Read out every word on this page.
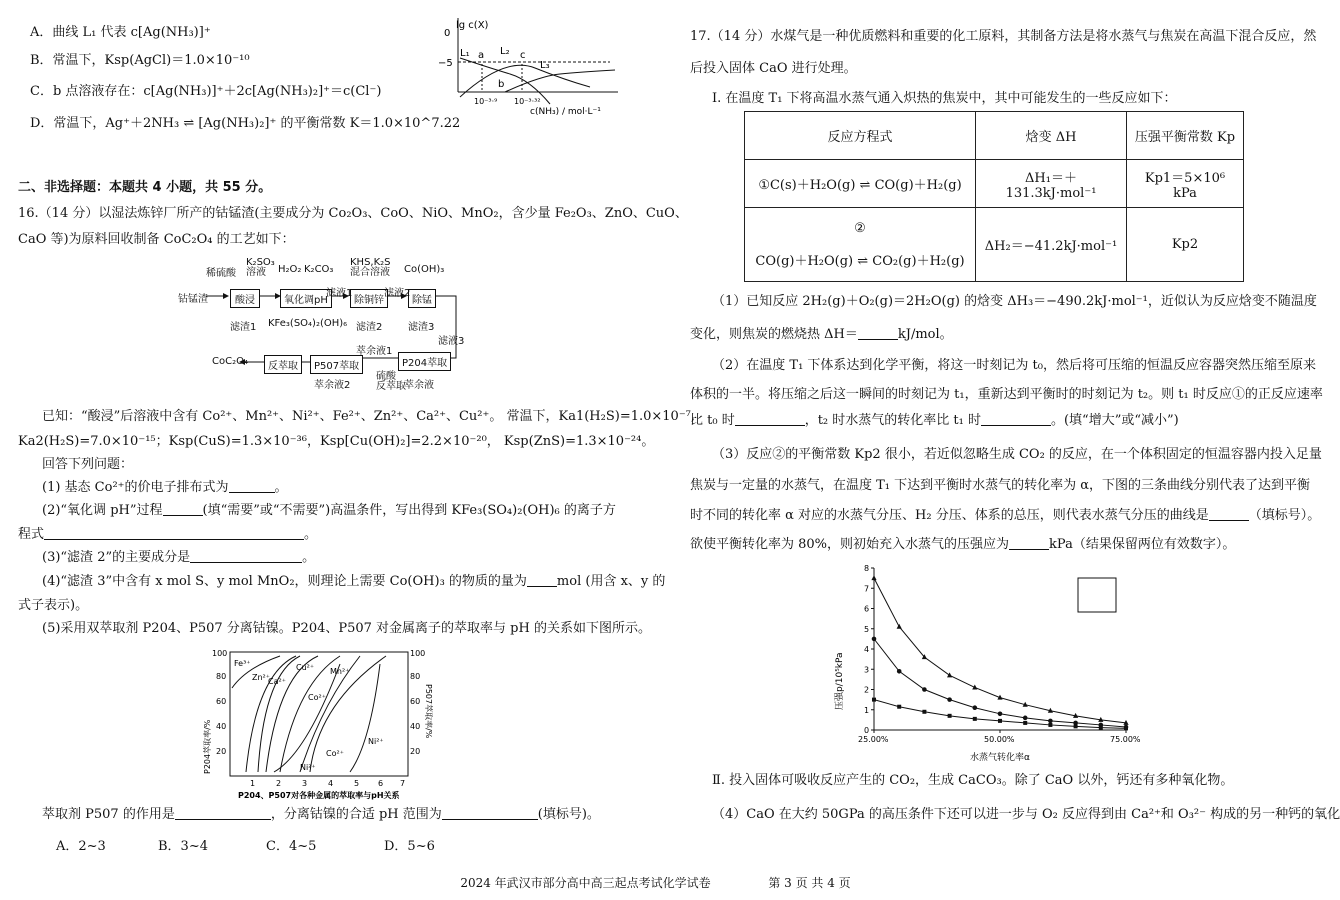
A．曲线 L₁ 代表 c[Ag(NH₃)]⁺
B．常温下，Ksp(AgCl)＝1.0×10⁻¹⁰
C．b 点溶液存在：c[Ag(NH₃)]⁺＋2c[Ag(NH₃)₂]⁺＝c(Cl⁻)
D．常温下，Ag⁺＋2NH₃ ⇌ [Ag(NH₃)₂]⁺ 的平衡常数 K＝1.0×10^7.22
lg c(X)
0
−5
L₁	L₂
L₃
a
b
c
10⁻³·⁹ 10⁻³·³²
c(NH₃) / mol·L⁻¹
二、非选择题：本题共 4 小题，共 55 分。
16.（14 分）以湿法炼锌厂所产的钴锰渣(主要成分为 Co₂O₃、CoO、NiO、MnO₂，含少量 Fe₂O₃、ZnO、CuO、
CaO 等)为原料回收制备 CoC₂O₄ 的工艺如下：
钴锰渣	酸浸	氧化调pH	除铜锌	除锰
P204萃取
P507萃取
反萃取
稀硫酸
K₂SO₃
溶液	H₂O₂ K₂CO₃
KHS,K₂S
混合溶液	Co(OH)₃
滤液1	滤液2
滤液3
滤渣1 KFe₃(SO₄)₂(OH)₆ 滤渣2	滤渣3
萃余液1
萃余液2	萃余液
硫酸
反萃取
CoC₂O₄
已知：“酸浸”后溶液中含有 Co²⁺、Mn²⁺、Ni²⁺、Fe²⁺、Zn²⁺、Ca²⁺、Cu²⁺。 常温下，Ka1(H₂S)=1.0×10⁻⁷,
Ka2(H₂S)=7.0×10⁻¹⁵；Ksp(CuS)=1.3×10⁻³⁶，Ksp[Cu(OH)₂]=2.2×10⁻²⁰， Ksp(ZnS)=1.3×10⁻²⁴。
回答下列问题：
(1) 基态 Co²⁺的价电子排布式为	。
(2)“氧化调 pH”过程	(填“需要”或“不需要”)高温条件，写出得到 KFe₃(SO₄)₂(OH)₆ 的离子方
程式	。
(3)“滤渣 2”的主要成分是	。
(4)“滤渣 3”中含有 x mol S、y mol MnO₂，则理论上需要 Co(OH)₃ 的物质的量为 mol (用含 x、y 的
式子表示)。
(5)采用双萃取剂 P204、P507 分离钴镍。P204、P507 对金属离子的萃取率与 pH 的关系如下图所示。
P204萃取率/%
P507萃取率/%
20
40
60
80
100
20
40
60
80
100
1	2	3	4	5 6 7
P204、P507对各种金属的萃取率与pH关系
Fe³⁺
Zn²⁺
Ca²⁺
Cu²⁺ Mn²⁺
Co²⁺
Co²⁺
Ni²⁺
Ni²⁺
萃取剂 P507 的作用是	，分离钴镍的合适 pH 范围为	(填标号)。
A．2~3	B．3~4	C．4~5	D．5~6
17.（14 分）水煤气是一种优质燃料和重要的化工原料，其制备方法是将水蒸气与焦炭在高温下混合反应，然
后投入固体 CaO 进行处理。
Ⅰ. 在温度 T₁ 下将高温水蒸气通入炽热的焦炭中，其中可能发生的一些反应如下：
反应方程式	焓变 ΔH	压强平衡常数 Kp
①C(s)＋H₂O(g) ⇌ CO(g)＋H₂(g)	ΔH₁＝＋131.3kJ·mol⁻¹	Kp1＝5×10⁶ kPa

②
CO(g)＋H₂O(g) ⇌ CO₂(g)＋H₂(g)	ΔH₂＝−41.2kJ·mol⁻¹	Kp2
（1）已知反应 2H₂(g)＋O₂(g)＝2H₂O(g) 的焓变 ΔH₃＝−490.2kJ·mol⁻¹，近似认为反应焓变不随温度
变化，则焦炭的燃烧热 ΔH＝	kJ/mol。
（2）在温度 T₁ 下体系达到化学平衡，将这一时刻记为 t₀，然后将可压缩的恒温反应容器突然压缩至原来
体积的一半。将压缩之后这一瞬间的时刻记为 t₁，重新达到平衡时的时刻记为 t₂。则 t₁ 时反应①的正反应速率
比 t₀ 时	，t₂ 时水蒸气的转化率比 t₁ 时	。(填“增大”或“减小”)
（3）反应②的平衡常数 Kp2 很小，若近似忽略生成 CO₂ 的反应，在一个体积固定的恒温容器内投入足量
焦炭与一定量的水蒸气，在温度 T₁ 下达到平衡时水蒸气的转化率为 α，下图的三条曲线分别代表了达到平衡
时不同的转化率 α 对应的水蒸气分压、H₂ 分压、体系的总压，则代表水蒸气分压的曲线是	（填标号）。
欲使平衡转化率为 80%，则初始充入水蒸气的压强应为	kPa（结果保留两位有效数字）。
0
1
2
3
4
5
6
7
8
25.00%	50.00%	75.00%
压强p/10⁵kPa
水蒸气转化率α
Ⅱ. 投入固体可吸收反应产生的 CO₂，生成 CaCO₃。除了 CaO 以外，钙还有多种氧化物。
（4）CaO 在大约 50GPa 的高压条件下还可以进一步与 O₂ 反应得到由 Ca²⁺和 O₃²⁻ 构成的另一种钙的氧化
2024 年武汉市部分高中高三起点考试化学试卷	第 3 页 共 4 页
